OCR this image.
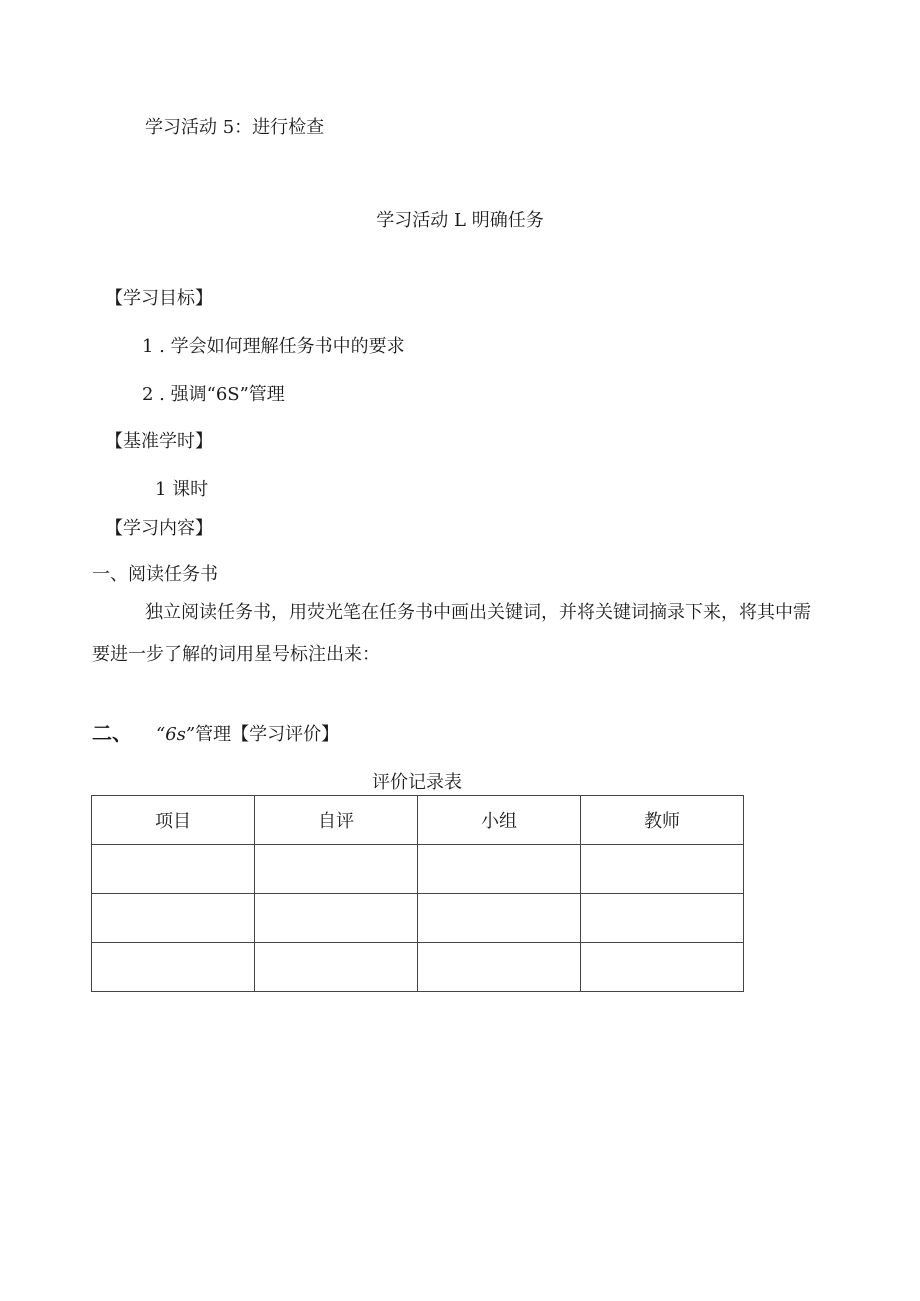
学习活动 5：进行检查
学习活动 L 明确任务
【学习目标】
1 . 学会如何理解任务书中的要求
2 . 强调“6S”管理
【基准学时】
1 课时
【学习内容】
一、阅读任务书
独立阅读任务书，用荧光笔在任务书中画出关键词，并将关键词摘录下来，将其中需
要进一步了解的词用星号标注出来：
二、 “6s”管理【学习评价】
评价记录表
项目	自评	小组	教师
